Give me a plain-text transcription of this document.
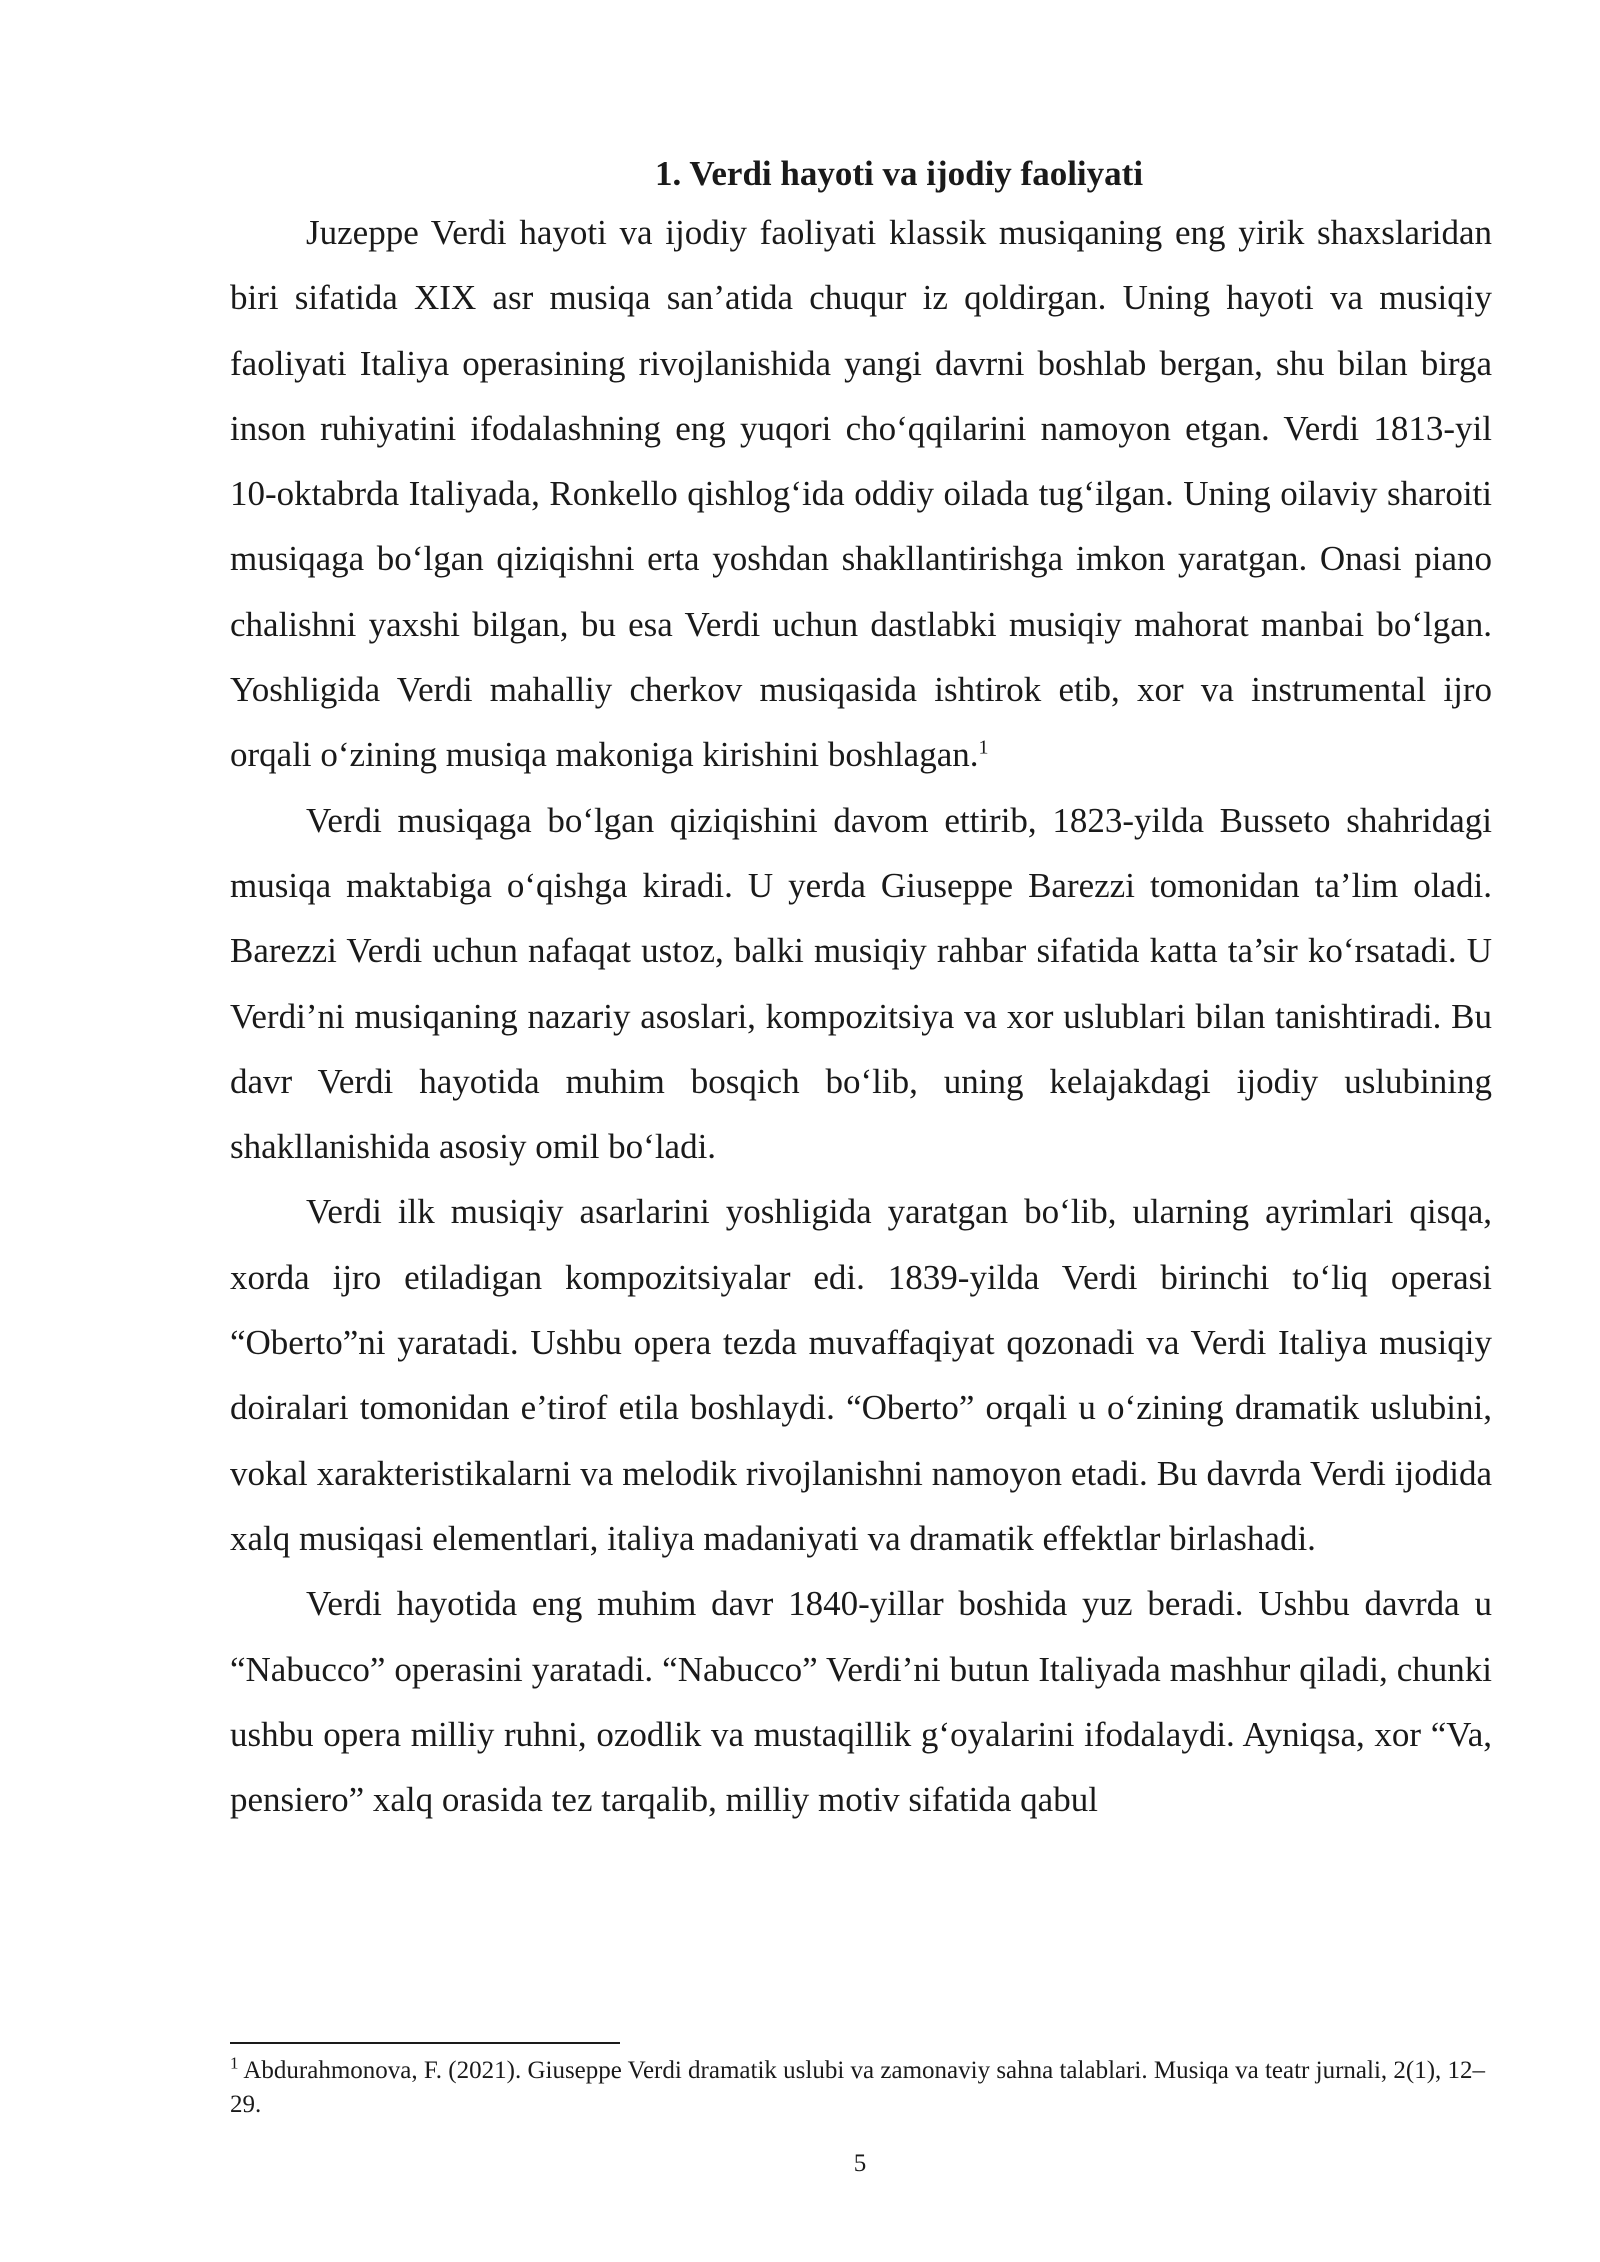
1. Verdi hayoti va ijodiy faoliyati

Juzeppe Verdi hayoti va ijodiy faoliyati klassik musiqaning eng yirik shaxslaridan biri sifatida XIX asr musiqa san’atida chuqur iz qoldirgan. Uning hayoti va musiqiy faoliyati Italiya operasining rivojlanishida yangi davrni boshlab bergan, shu bilan birga inson ruhiyatini ifodalashning eng yuqori cho‘qqilarini namoyon etgan. Verdi 1813-yil 10-oktabrda Italiyada, Ronkello qishlog‘ida oddiy oilada tug‘ilgan. Uning oilaviy sharoiti musiqaga bo‘lgan qiziqishni erta yoshdan shakllantirishga imkon yaratgan. Onasi piano chalishni yaxshi bilgan, bu esa Verdi uchun dastlabki musiqiy mahorat manbai bo‘lgan. Yoshligida Verdi mahalliy cherkov musiqasida ishtirok etib, xor va instrumental ijro orqali o‘zining musiqa makoniga kirishini boshlagan.$^1$

Verdi musiqaga bo‘lgan qiziqishini davom ettirib, 1823-yilda Busseto shahridagi musiqa maktabiga o‘qishga kiradi. U yerda Giuseppe Barezzi tomonidan ta’lim oladi. Barezzi Verdi uchun nafaqat ustoz, balki musiqiy rahbar sifatida katta ta’sir ko‘rsatadi. U Verdi’ni musiqaning nazariy asoslari, kompozitsiya va xor uslublari bilan tanishtiradi. Bu davr Verdi hayotida muhim bosqich bo‘lib, uning kelajakdagi ijodiy uslubining shakllanishida asosiy omil bo‘ladi.

Verdi ilk musiqiy asarlarini yoshligida yaratgan bo‘lib, ularning ayrimlari qisqa, xorda ijro etiladigan kompozitsiyalar edi. 1839-yilda Verdi birinchi to‘liq operasi “Oberto”ni yaratadi. Ushbu opera tezda muvaffaqiyat qozonadi va Verdi Italiya musiqiy doiralari tomonidan e’tirof etila boshlaydi. “Oberto” orqali u o‘zining dramatik uslubini, vokal xarakteristikalarni va melodik rivojlanishni namoyon etadi. Bu davrda Verdi ijodida xalq musiqasi elementlari, italiya madaniyati va dramatik effektlar birlashadi.

Verdi hayotida eng muhim davr 1840-yillar boshida yuz beradi. Ushbu davrda u “Nabucco” operasini yaratadi. “Nabucco” Verdi’ni butun Italiyada mashhur qiladi, chunki ushbu opera milliy ruhni, ozodlik va mustaqillik g‘oyalarini ifodalaydi. Ayniqsa, xor “Va, pensiero” xalq orasida tez tarqalib, milliy motiv sifatida qabul

$^1$ Abdurahmonova, F. (2021). Giuseppe Verdi dramatik uslubi va zamonaviy sahna talablari. Musiqa va teatr jurnali, 2(1), 12–29.

5
